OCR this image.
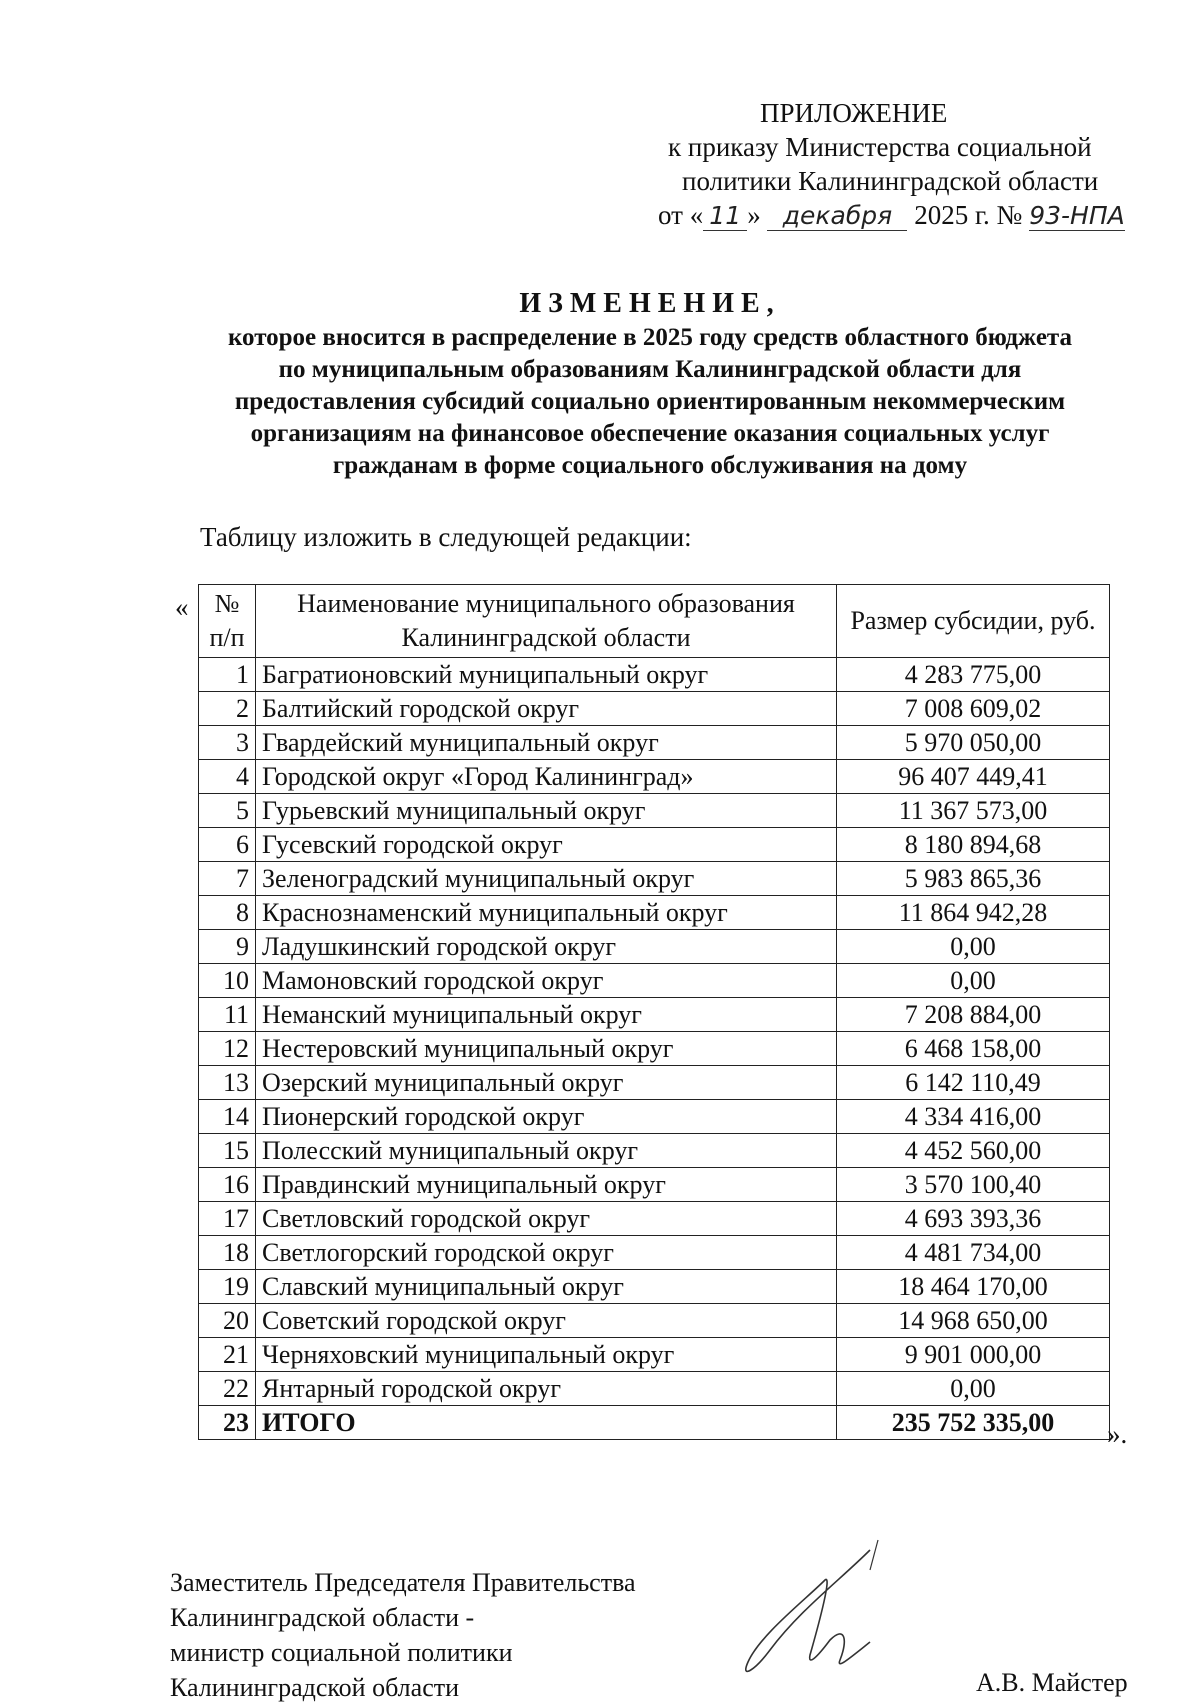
ПРИЛОЖЕНИЕ
к приказу Министерства социальной
политики Калининградской области
от « 11 » декабря 2025 г. № 93-НПА
ИЗМЕНЕНИЕ,
которое вносится в распределение в 2025 году средств областного бюджета
по муниципальным образованиям Калининградской области для
предоставления субсидий социально ориентированным некоммерческим
организациям на финансовое обеспечение оказания социальных услуг
гражданам в форме социального обслуживания на дому
Таблицу изложить в следующей редакции:
« № п/п	Наименование муниципального образования Калининградской области	Размер субсидии, руб.
1	Багратионовский муниципальный округ	4 283 775,00
2	Балтийский городской округ	7 008 609,02
3	Гвардейский муниципальный округ	5 970 050,00
4	Городской округ «Город Калининград»	96 407 449,41
5	Гурьевский муниципальный округ	11 367 573,00
6	Гусевский городской округ	8 180 894,68
7	Зеленоградский муниципальный округ	5 983 865,36
8	Краснознаменский муниципальный округ	11 864 942,28
9	Ладушкинский городской округ	0,00
10	Мамоновский городской округ	0,00
11	Неманский муниципальный округ	7 208 884,00
12	Нестеровский муниципальный округ	6 468 158,00
13	Озерский муниципальный округ	6 142 110,49
14	Пионерский городской округ	4 334 416,00
15	Полесский муниципальный округ	4 452 560,00
16	Правдинский муниципальный округ	3 570 100,40
17	Светловский городской округ	4 693 393,36
18	Светлогорский городской округ	4 481 734,00
19	Славский муниципальный округ	18 464 170,00
20	Советский городской округ	14 968 650,00
21	Черняховский муниципальный округ	9 901 000,00
22	Янтарный городской округ	0,00
23	ИТОГО	235 752 335,00 ».
Заместитель Председателя Правительства
Калининградской области -
министр социальной политики
Калининградской области	А.В. Майстер
